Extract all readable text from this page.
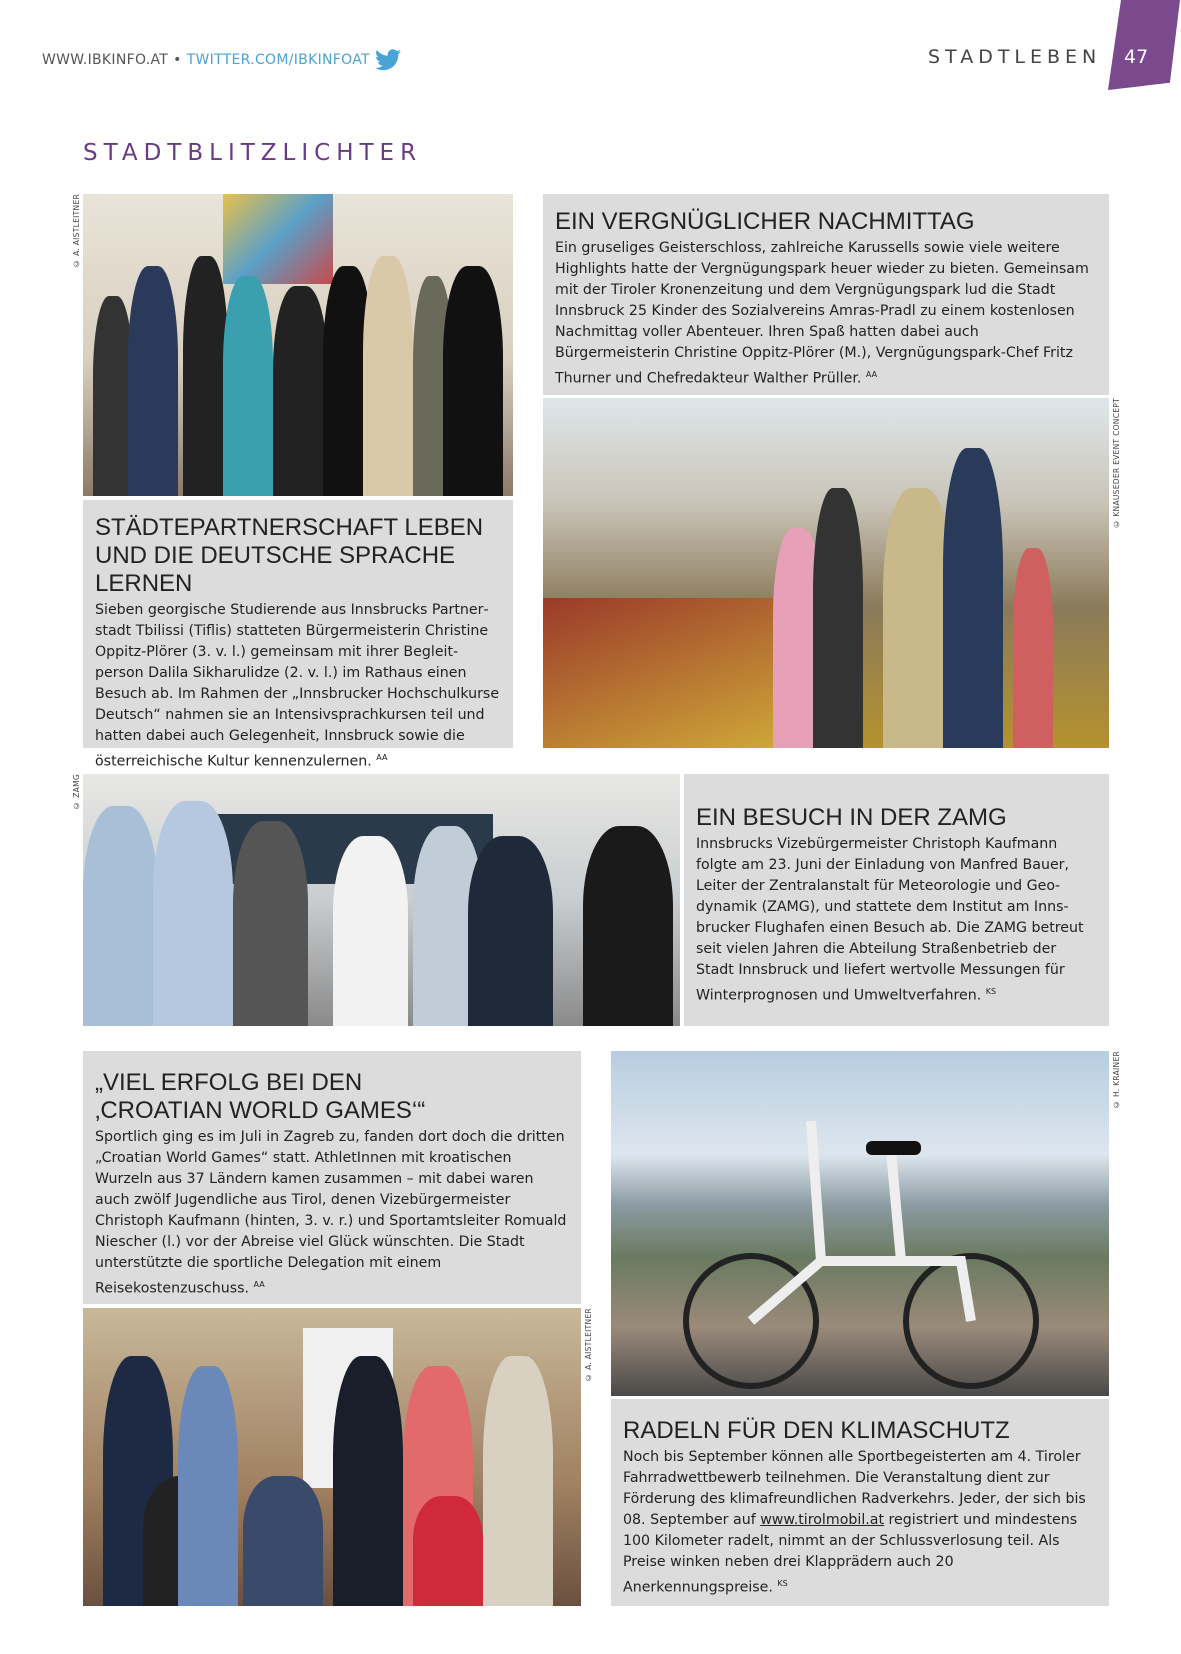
WWW.IBKINFO.AT • TWITTER.COM/IBKINFOAT	STADTLEBEN 47
STADTBLITZLICHTER
© A. AISTLEITNER
STÄDTEPARTNERSCHAFT LEBEN UND DIE DEUTSCHE SPRACHE LERNEN

Sieben georgische Studierende aus Innsbrucks Partnerstadt Tbilissi (Tiflis) statteten Bürgermeisterin Christine Oppitz-Plörer (3. v. l.) gemeinsam mit ihrer Begleitperson Dalila Sikharulidze (2. v. l.) im Rathaus einen Besuch ab. Im Rahmen der „Innsbrucker Hochschulkurse Deutsch“ nahmen sie an Intensivsprachkursen teil und hatten dabei auch Gelegenheit, Innsbruck sowie die österreichische Kultur kennenzulernen. $^{AA}$

EIN VERGNÜGLICHER NACHMITTAG

Ein gruseliges Geisterschloss, zahlreiche Karussells sowie viele weitere Highlights hatte der Vergnügungspark heuer wieder zu bieten. Gemeinsam mit der Tiroler Kronenzeitung und dem Vergnügungspark lud die Stadt Innsbruck 25 Kinder des Sozialvereins Amras-Pradl zu einem kostenlosen Nachmittag voller Abenteuer. Ihren Spaß hatten dabei auch Bürgermeisterin Christine Oppitz-Plörer (M.), Vergnügungspark-Chef Fritz Thurner und Chefredakteur Walther Prüller. $^{AA}$

© KNAUSEDER EVENT CONCEPT
© ZAMG
EIN BESUCH IN DER ZAMG

Innsbrucks Vizebürgermeister Christoph Kaufmann folgte am 23. Juni der Einladung von Manfred Bauer, Leiter der Zentralanstalt für Meteorologie und Geodynamik (ZAMG), und stattete dem Institut am Innsbrucker Flughafen einen Besuch ab. Die ZAMG betreut seit vielen Jahren die Abteilung Straßenbetrieb der Stadt Innsbruck und liefert wertvolle Messungen für Winterprognosen und Umweltverfahren. $^{KS}$

„VIEL ERFOLG BEI DEN ‚CROATIAN WORLD GAMES‘“

Sportlich ging es im Juli in Zagreb zu, fanden dort doch die dritten „Croatian World Games“ statt. AthletInnen mit kroatischen Wurzeln aus 37 Ländern kamen zusammen – mit dabei waren auch zwölf Jugendliche aus Tirol, denen Vizebürgermeister Christoph Kaufmann (hinten, 3. v. r.) und Sportamtsleiter Romuald Niescher (l.) vor der Abreise viel Glück wünschten. Die Stadt unterstützte die sportliche Delegation mit einem Reisekostenzuschuss. $^{AA}$

© A. AISTLEITNER
© H. KRAINER
RADELN FÜR DEN KLIMASCHUTZ

Noch bis September können alle Sportbegeisterten am 4. Tiroler Fahrradwettbewerb teilnehmen. Die Veranstaltung dient zur Förderung des klimafreundlichen Radverkehrs. Jeder, der sich bis 08. September auf www.tirolmobil.at registriert und mindestens 100 Kilometer radelt, nimmt an der Schlussverlosung teil. Als Preise winken neben drei Klapprädern auch 20 Anerkennungspreise. $^{KS}$
